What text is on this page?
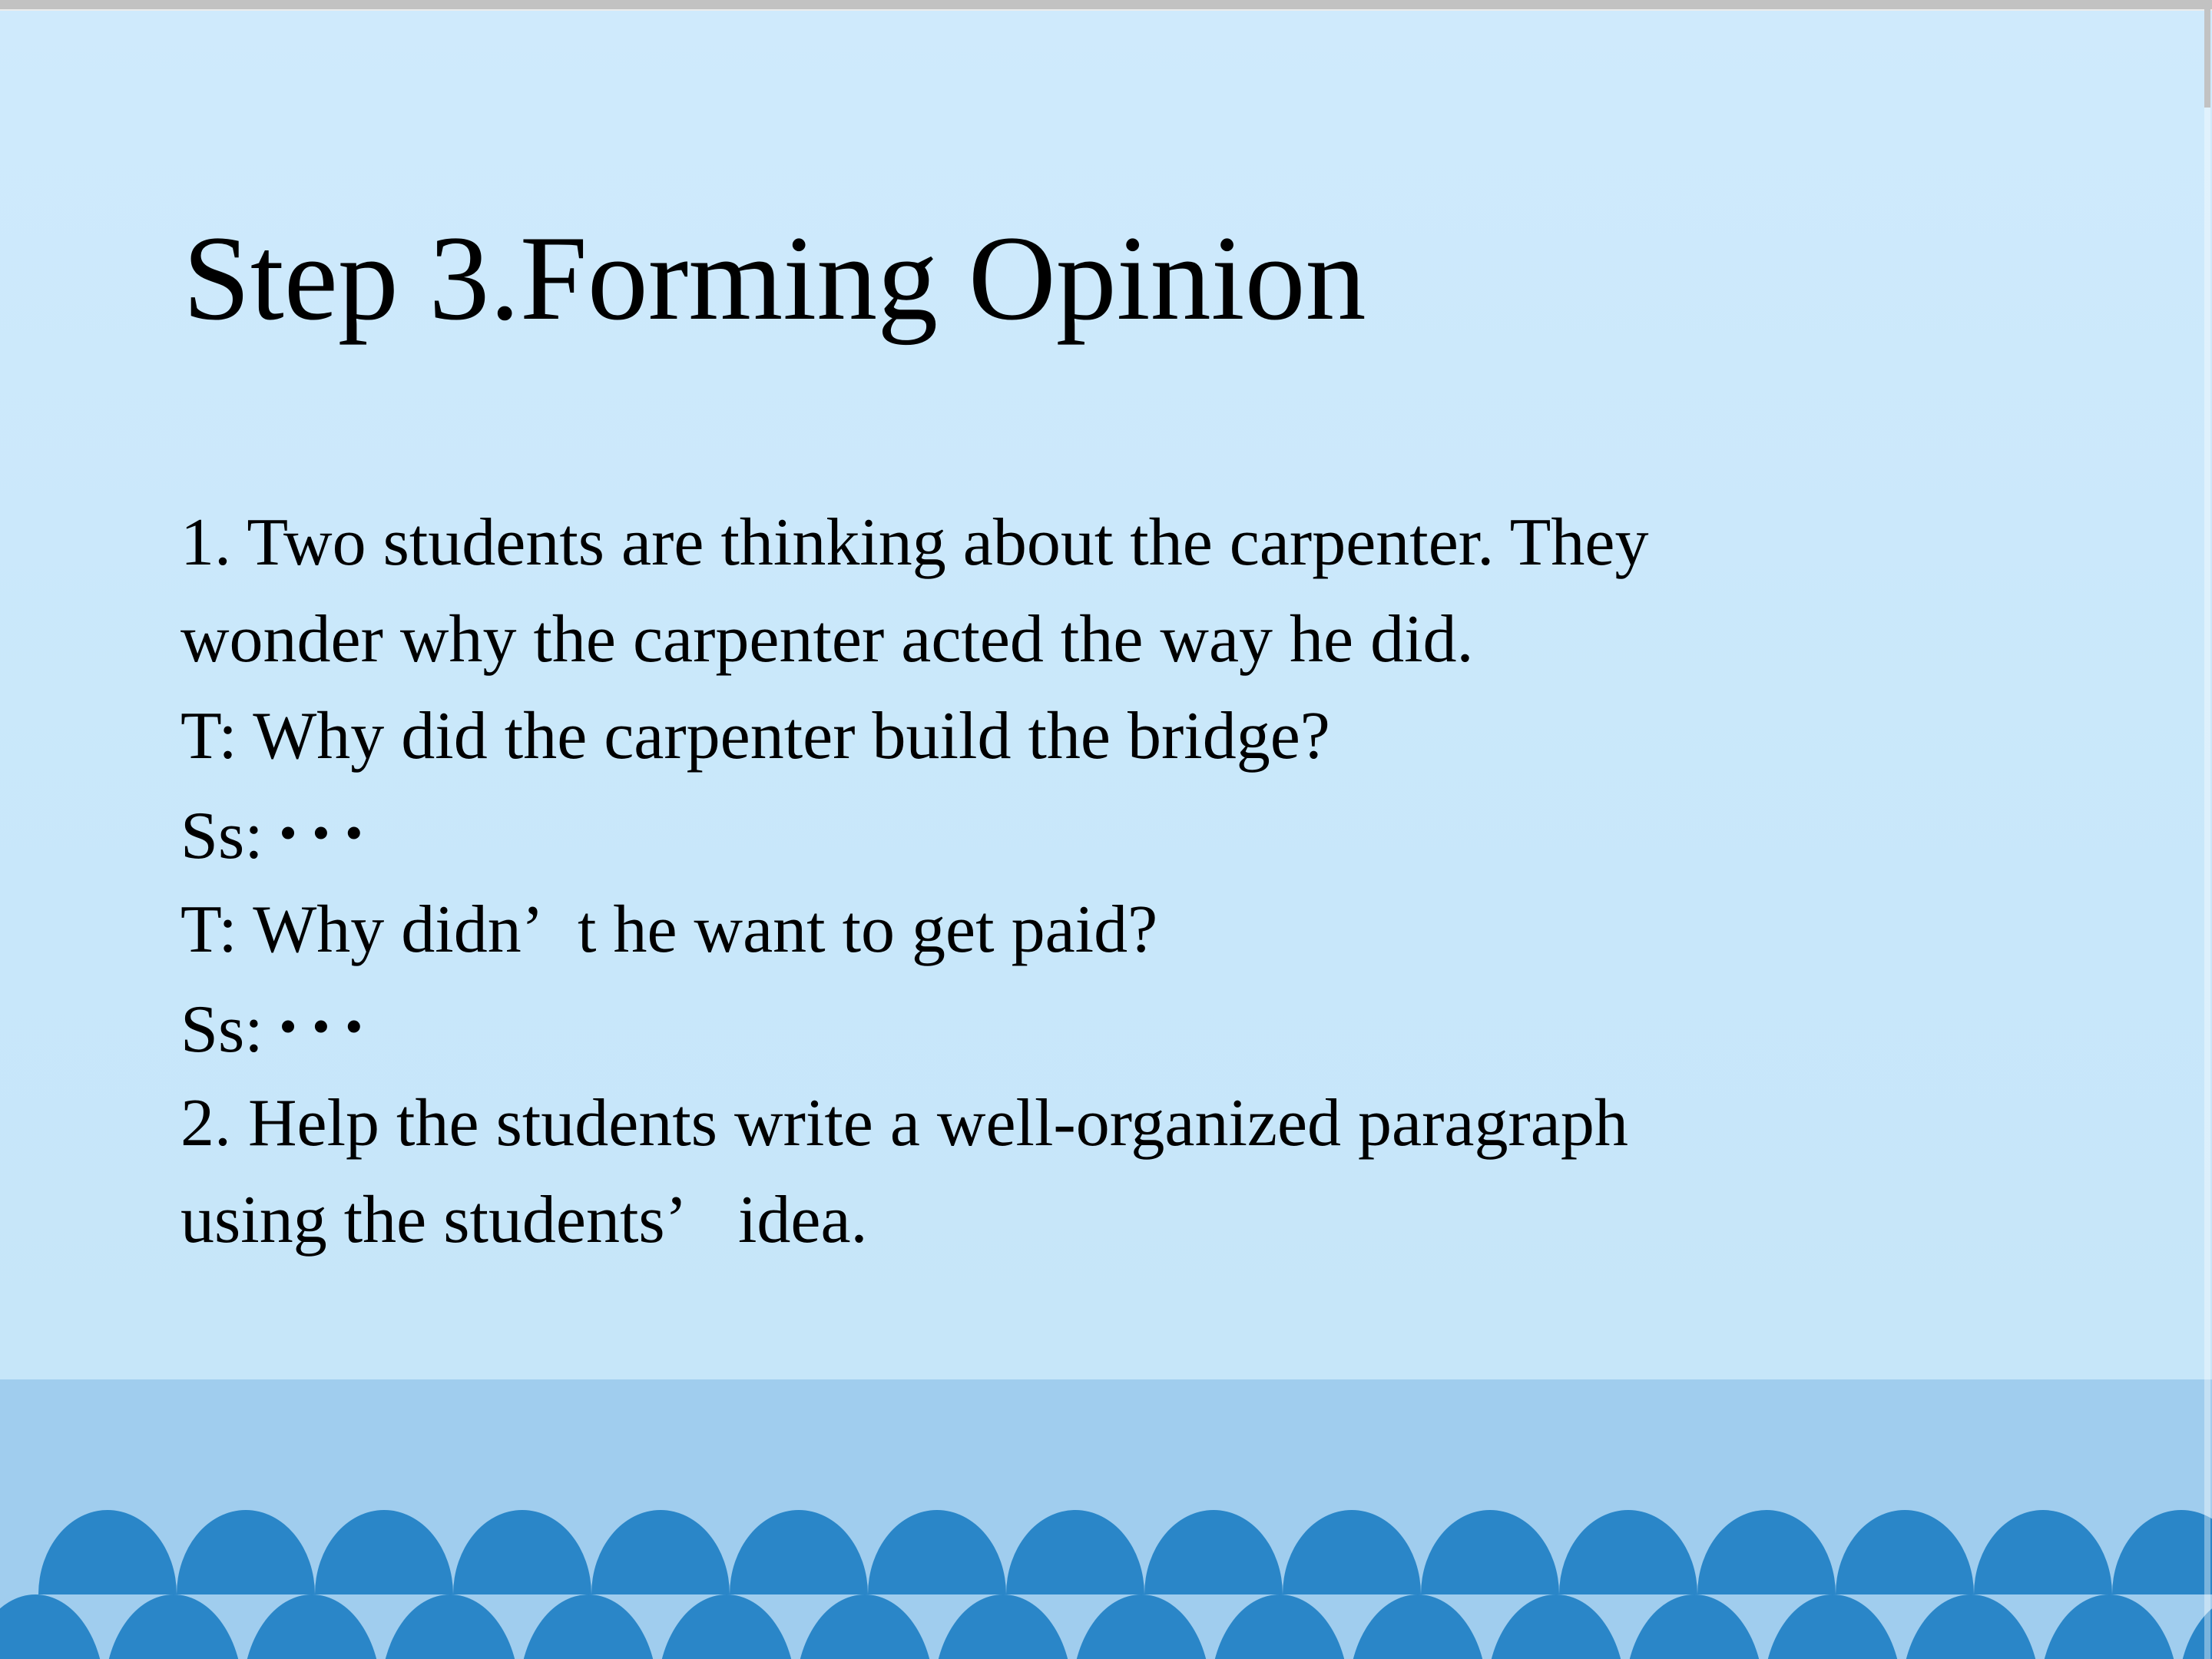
Step 3.Forming Opinion
1. Two students are thinking about the carpenter. They
wonder why the carpenter acted the way he did.
T: Why did the carpenter build the bridge?
Ss: ···
T: Why didn’ t he want to get paid?
Ss: ···
2. Help the students write a well-organized paragraph
using the students’  idea.
